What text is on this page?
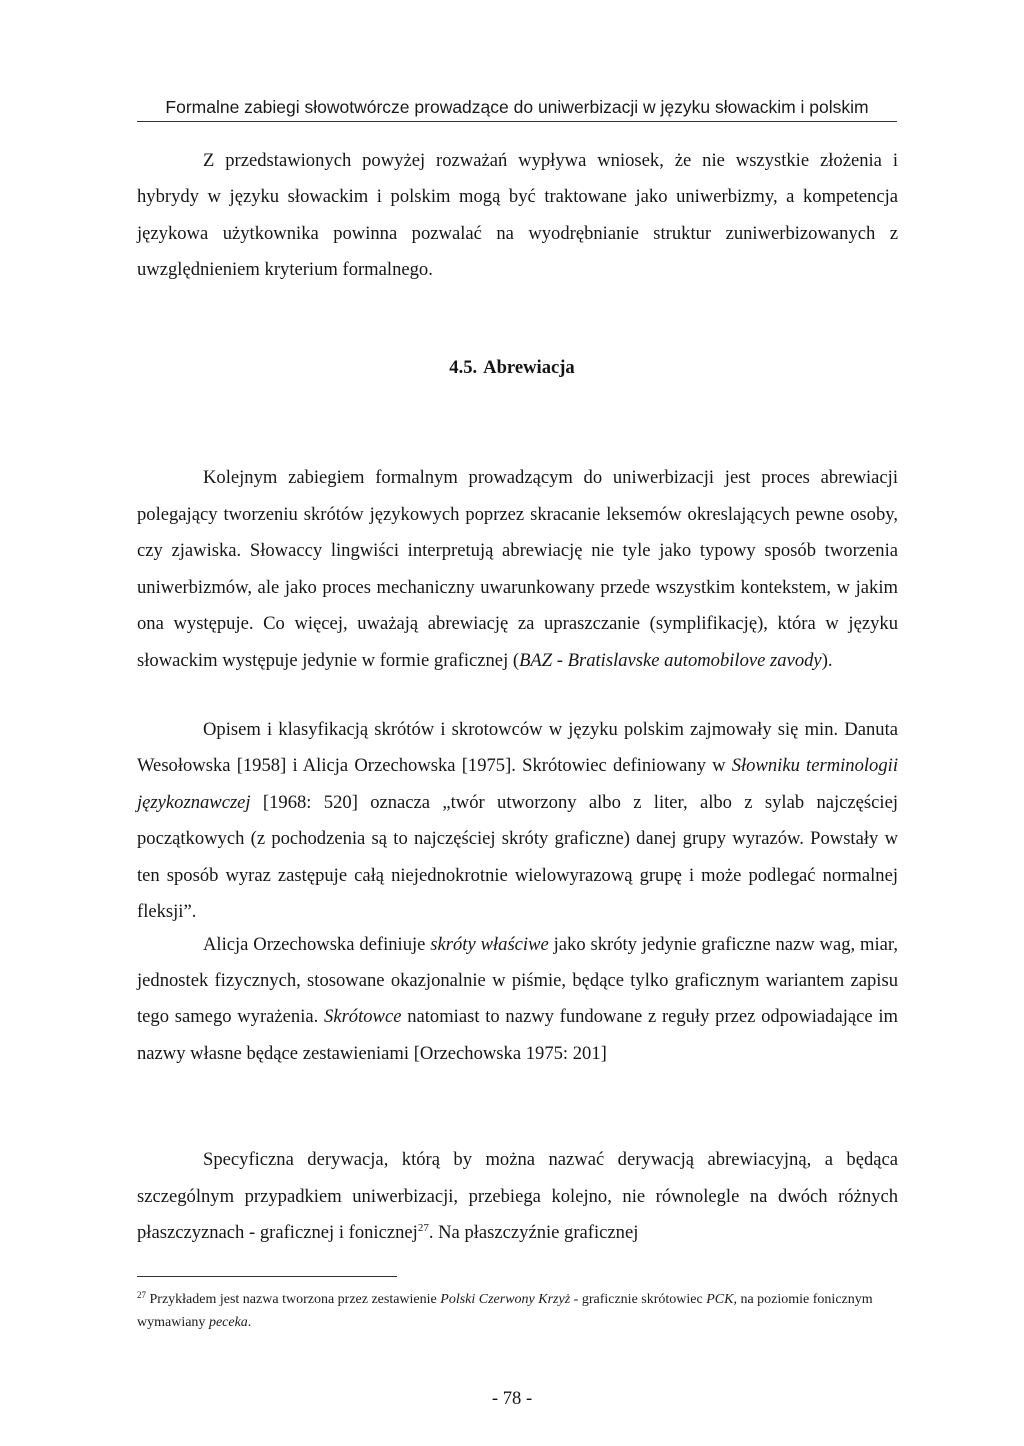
Formalne zabiegi słowotwórcze prowadzące do uniwerbizacji w języku słowackim i polskim

Z przedstawionych powyżej rozważań wypływa wniosek, że nie wszystkie złożenia i hybrydy w języku słowackim i polskim mogą być traktowane jako uniwerbizmy, a kompetencja językowa użytkownika powinna pozwalać na wyodrębnianie struktur zuniwerbizowanych z uwzględnieniem kryterium formalnego.

4.5. Abrewiacja

Kolejnym zabiegiem formalnym prowadzącym do uniwerbizacji jest proces abrewiacji polegający tworzeniu skrótów językowych poprzez skracanie leksemów okreslających pewne osoby, czy zjawiska. Słowaccy lingwiści interpretują abrewiację nie tyle jako typowy sposób tworzenia uniwerbizmów, ale jako proces mechaniczny uwarunkowany przede wszystkim kontekstem, w jakim ona występuje. Co więcej, uważają abrewiację za upraszczanie (symplifikację), która w języku słowackim występuje jedynie w formie graficznej (BAZ - Bratislavske automobilove zavody).

Opisem i klasyfikacją skrótów i skrotowców w języku polskim zajmowały się min. Danuta Wesołowska [1958] i Alicja Orzechowska [1975]. Skrótowiec definiowany w Słowniku terminologii językoznawczej [1968: 520] oznacza „twór utworzony albo z liter, albo z sylab najczęściej początkowych (z pochodzenia są to najczęściej skróty graficzne) danej grupy wyrazów. Powstały w ten sposób wyraz zastępuje całą niejednokrotnie wielowyrazową grupę i może podlegać normalnej fleksji”.

Alicja Orzechowska definiuje skróty właściwe jako skróty jedynie graficzne nazw wag, miar, jednostek fizycznych, stosowane okazjonalnie w piśmie, będące tylko graficznym wariantem zapisu tego samego wyrażenia. Skrótowce natomiast to nazwy fundowane z reguły przez odpowiadające im nazwy własne będące zestawieniami [Orzechowska 1975: 201]

Specyficzna derywacja, którą by można nazwać derywacją abrewiacyjną, a będąca szczególnym przypadkiem uniwerbizacji, przebiega kolejno, nie równolegle na dwóch różnych płaszczyznach - graficznej i fonicznej$^{27}$. Na płaszczyźnie graficznej

$^{27}$ Przykładem jest nazwa tworzona przez zestawienie Polski Czerwony Krzyż - graficznie skrótowiec PCK, na poziomie fonicznym wymawiany peceka.

- 78 -
